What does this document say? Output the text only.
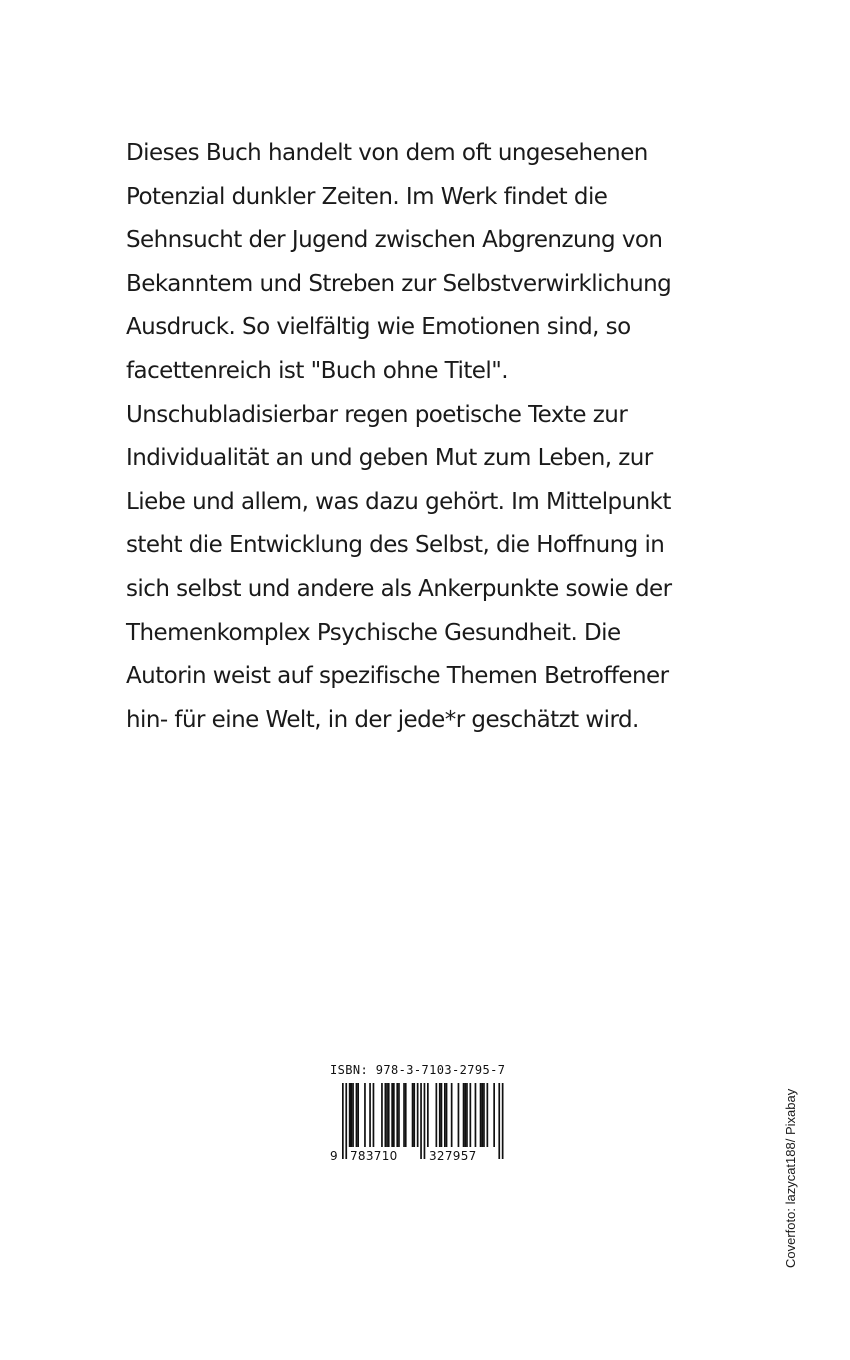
Dieses Buch handelt von dem oft ungesehenen
Potenzial dunkler Zeiten. Im Werk findet die
Sehnsucht der Jugend zwischen Abgrenzung von
Bekanntem und Streben zur Selbstverwirklichung
Ausdruck. So vielfältig wie Emotionen sind, so
facettenreich ist "Buch ohne Titel".
Unschubladisierbar regen poetische Texte zur
Individualität an und geben Mut zum Leben, zur
Liebe und allem, was dazu gehört. Im Mittelpunkt
steht die Entwicklung des Selbst, die Hoffnung in
sich selbst und andere als Ankerpunkte sowie der
Themenkomplex Psychische Gesundheit. Die
Autorin weist auf spezifische Themen Betroffener
hin- für eine Welt, in der jede*r geschätzt wird.
ISBN: 978-3-7103-2795-7
9 783710	327957	Coverfoto: lazycat188/ Pixabay
